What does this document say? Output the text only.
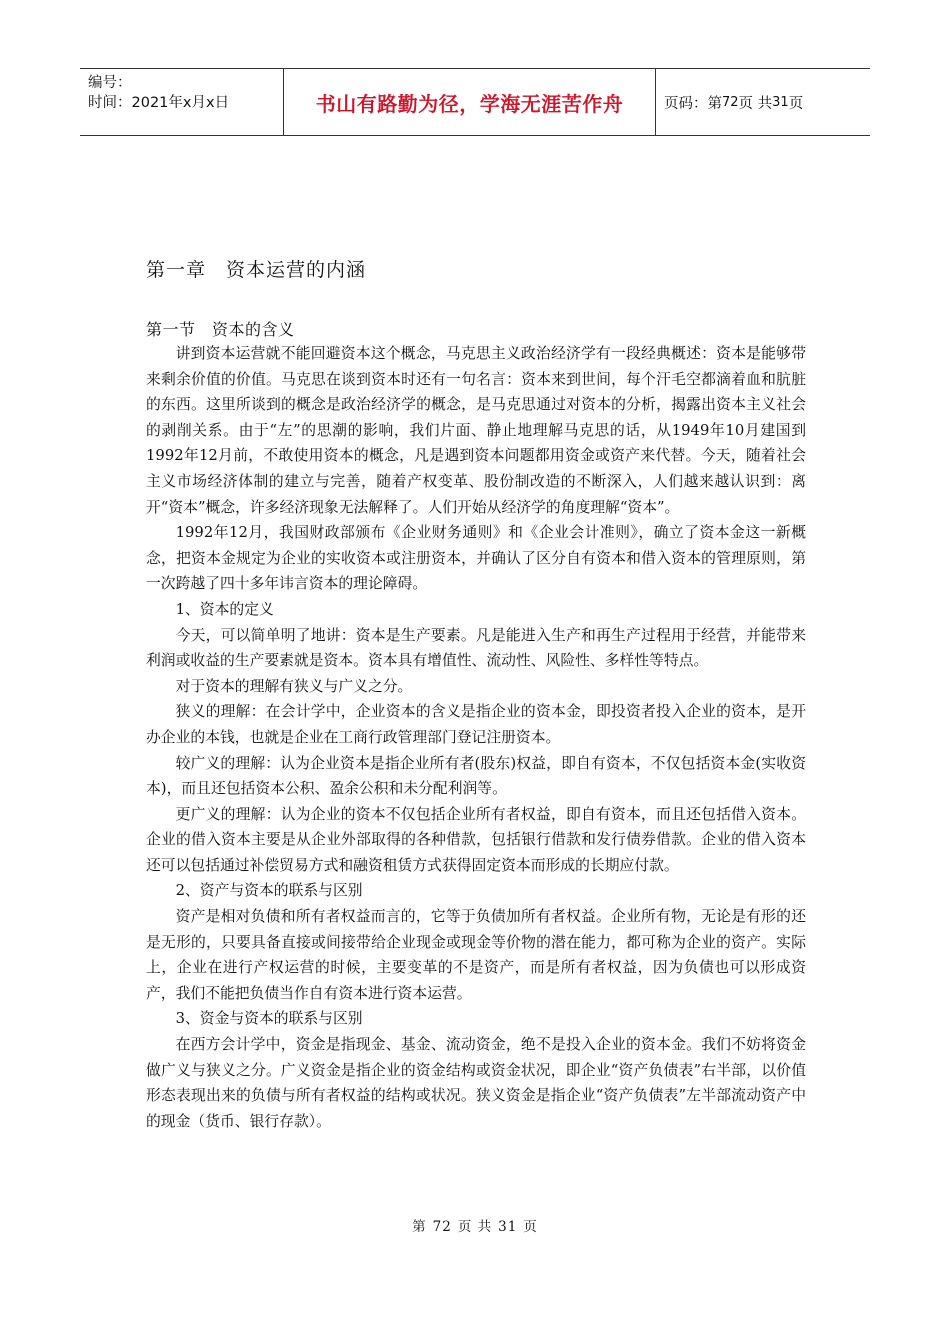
编号：
时间：2021年x月x日	书山有路勤为径，学海无涯苦作舟	页码：第 72 页 共 31 页
第一章　资本运营的内涵
第一节　资本的含义

讲到资本运营就不能回避资本这个概念，马克思主义政治经济学有一段经典概述：资本是能够带来剩余价值的价值。马克思在谈到资本时还有一句名言：资本来到世间，每个汗毛空都滴着血和肮脏的东西。这里所谈到的概念是政治经济学的概念，是马克思通过对资本的分析，揭露出资本主义社会的剥削关系。由于“左”的思潮的影响，我们片面、静止地理解马克思的话，从1949年10月建国到1992年12月前，不敢使用资本的概念，凡是遇到资本问题都用资金或资产来代替。今天，随着社会主义市场经济体制的建立与完善，随着产权变革、股份制改造的不断深入，人们越来越认识到：离开“资本”概念，许多经济现象无法解释了。人们开始从经济学的角度理解“资本”。

1992年12月，我国财政部颁布《企业财务通则》和《企业会计准则》，确立了资本金这一新概念，把资本金规定为企业的实收资本或注册资本，并确认了区分自有资本和借入资本的管理原则，第一次跨越了四十多年讳言资本的理论障碍。

1、资本的定义

今天，可以简单明了地讲：资本是生产要素。凡是能进入生产和再生产过程用于经营，并能带来利润或收益的生产要素就是资本。资本具有增值性、流动性、风险性、多样性等特点。

对于资本的理解有狭义与广义之分。

狭义的理解：在会计学中，企业资本的含义是指企业的资本金，即投资者投入企业的资本，是开办企业的本钱，也就是企业在工商行政管理部门登记注册资本。

较广义的理解：认为企业资本是指企业所有者(股东)权益，即自有资本，不仅包括资本金(实收资本)，而且还包括资本公积、盈余公积和未分配利润等。

更广义的理解：认为企业的资本不仅包括企业所有者权益，即自有资本，而且还包括借入资本。企业的借入资本主要是从企业外部取得的各种借款，包括银行借款和发行债券借款。企业的借入资本还可以包括通过补偿贸易方式和融资租赁方式获得固定资本而形成的长期应付款。

2、资产与资本的联系与区别

资产是相对负债和所有者权益而言的，它等于负债加所有者权益。企业所有物，无论是有形的还是无形的，只要具备直接或间接带给企业现金或现金等价物的潜在能力，都可称为企业的资产。实际上，企业在进行产权运营的时候，主要变革的不是资产，而是所有者权益，因为负债也可以形成资产，我们不能把负债当作自有资本进行资本运营。

3、资金与资本的联系与区别

在西方会计学中，资金是指现金、基金、流动资金，绝不是投入企业的资本金。我们不妨将资金做广义与狭义之分。广义资金是指企业的资金结构或资金状况，即企业“资产负债表”右半部，以价值形态表现出来的负债与所有者权益的结构或状况。狭义资金是指企业“资产负债表”左半部流动资产中的现金（货币、银行存款）。

第 72 页 共 31 页
